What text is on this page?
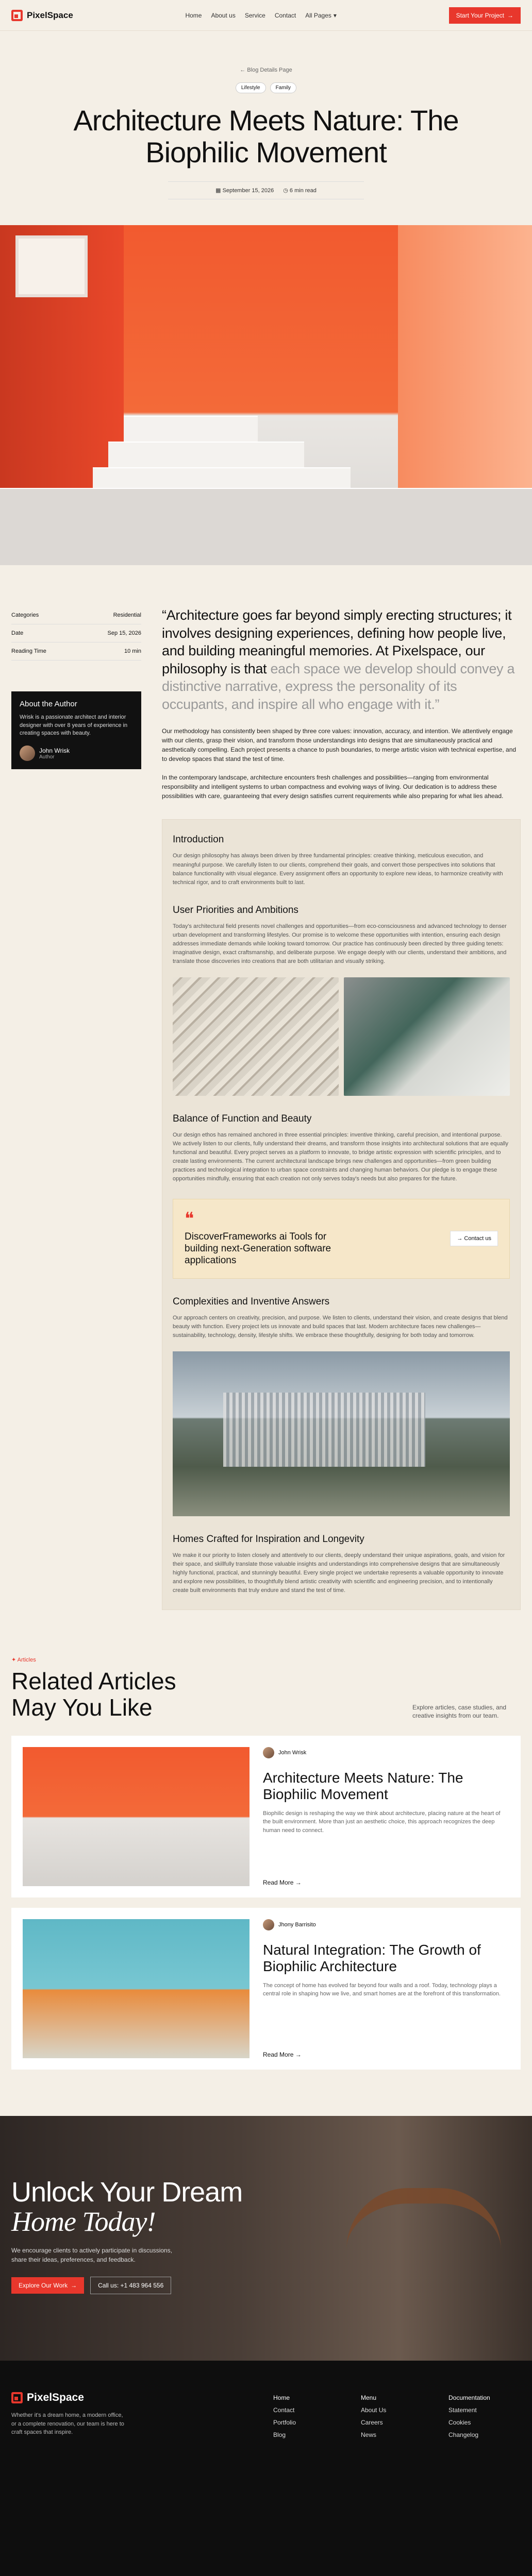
PixelSpace	Home About us Service Contact All Pages ▾	Start Your Project →
← Blog Details Page
Lifestyle	Family
Architecture Meets Nature: The Biophilic Movement
▦ September 15, 2026 ◷ 6 min read
Categories	Residential
Date	Sep 15, 2026
Reading Time	10 min
About the Author

Wrisk is a passionate architect and interior designer with over 8 years of experience in creating spaces with beauty.

John Wrisk
Author

“Architecture goes far beyond simply erecting structures; it involves designing experiences, defining how people live, and building meaningful memories. At Pixelspace, our philosophy is that each space we develop should convey a distinctive narrative, express the personality of its occupants, and inspire all who engage with it.”

Our methodology has consistently been shaped by three core values: innovation, accuracy, and intention. We attentively engage with our clients, grasp their vision, and transform those understandings into designs that are simultaneously practical and aesthetically compelling. Each project presents a chance to push boundaries, to merge artistic vision with technical expertise, and to develop spaces that stand the test of time.

In the contemporary landscape, architecture encounters fresh challenges and possibilities—ranging from environmental responsibility and intelligent systems to urban compactness and evolving ways of living. Our dedication is to address these possibilities with care, guaranteeing that every design satisfies current requirements while also preparing for what lies ahead.

Introduction

Our design philosophy has always been driven by three fundamental principles: creative thinking, meticulous execution, and meaningful purpose. We carefully listen to our clients, comprehend their goals, and convert those perspectives into solutions that balance functionality with visual elegance. Every assignment offers an opportunity to explore new ideas, to harmonize creativity with technical rigor, and to craft environments built to last.

User Priorities and Ambitions

Today's architectural field presents novel challenges and opportunities—from eco-consciousness and advanced technology to denser urban development and transforming lifestyles. Our promise is to welcome these opportunities with intention, ensuring each design addresses immediate demands while looking toward tomorrow. Our practice has continuously been directed by three guiding tenets: imaginative design, exact craftsmanship, and deliberate purpose. We engage deeply with our clients, understand their ambitions, and translate those discoveries into creations that are both utilitarian and visually striking.

Balance of Function and Beauty

Our design ethos has remained anchored in three essential principles: inventive thinking, careful precision, and intentional purpose. We actively listen to our clients, fully understand their dreams, and transform those insights into architectural solutions that are equally functional and beautiful. Every project serves as a platform to innovate, to bridge artistic expression with scientific principles, and to create lasting environments. The current architectural landscape brings new challenges and opportunities—from green building practices and technological integration to urban space constraints and changing human behaviors. Our pledge is to engage these opportunities mindfully, ensuring that each creation not only serves today's needs but also prepares for the future.

❝
DiscoverFrameworks ai Tools for building next-Generation software applications
→ Contact us
Complexities and Inventive Answers

Our approach centers on creativity, precision, and purpose. We listen to clients, understand their vision, and create designs that blend beauty with function. Every project lets us innovate and build spaces that last. Modern architecture faces new challenges—sustainability, technology, density, lifestyle shifts. We embrace these thoughtfully, designing for both today and tomorrow.

Homes Crafted for Inspiration and Longevity

We make it our priority to listen closely and attentively to our clients, deeply understand their unique aspirations, goals, and vision for their space, and skillfully translate those valuable insights and understandings into comprehensive designs that are simultaneously highly functional, practical, and stunningly beautiful. Every single project we undertake represents a valuable opportunity to innovate and explore new possibilities, to thoughtfully blend artistic creativity with scientific and engineering precision, and to intentionally create built environments that truly endure and stand the test of time.

✦ Articles
Related Articles May You Like	Explore articles, case studies, and creative insights from our team.

John Wrisk
Architecture Meets Nature: The Biophilic Movement

Biophilic design is reshaping the way we think about architecture, placing nature at the heart of the built environment. More than just an aesthetic choice, this approach recognizes the deep human need to connect.

Read More →
Jhony Barrisito
Natural Integration: The Growth of Biophilic Architecture

The concept of home has evolved far beyond four walls and a roof. Today, technology plays a central role in shaping how we live, and smart homes are at the forefront of this transformation.

Read More →
Unlock Your Dream
Home Today!

We encourage clients to actively participate in discussions, share their ideas, preferences, and feedback.

Explore Our Work →	Call us: +1 483 964 556
PixelSpace

Whether it's a dream home, a modern office, or a complete renovation, our team is here to craft spaces that inspire.

Home
Contact
Portfolio
Blog
Menu
About Us
Careers
News
Documentation
Statement
Cookies
Changelog
